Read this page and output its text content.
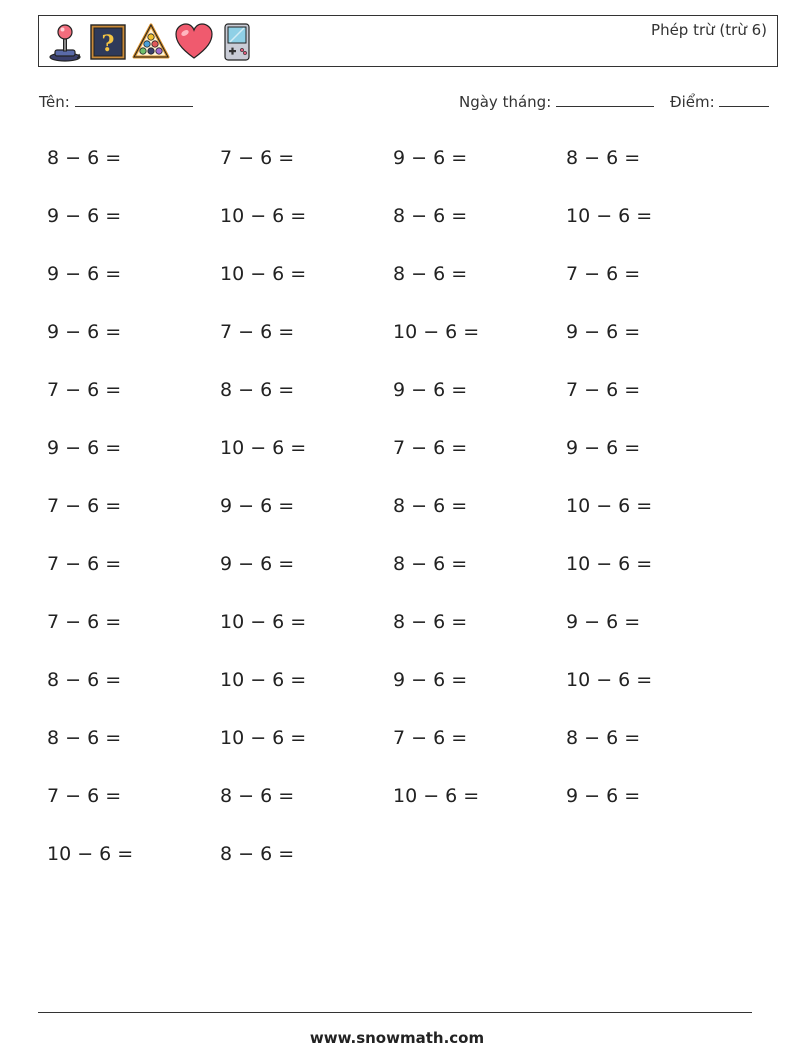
?
Phép trừ (trừ 6)
Tên:	Ngày tháng:	Điểm:
8 − 6 =	7 − 6 =	9 − 6 =	8 − 6 =
9 − 6 =	10 − 6 =	8 − 6 =	10 − 6 =
9 − 6 =	10 − 6 =	8 − 6 =	7 − 6 =
9 − 6 =	7 − 6 =	10 − 6 =	9 − 6 =
7 − 6 =	8 − 6 =	9 − 6 =	7 − 6 =
9 − 6 =	10 − 6 =	7 − 6 =	9 − 6 =
7 − 6 =	9 − 6 =	8 − 6 =	10 − 6 =
7 − 6 =	9 − 6 =	8 − 6 =	10 − 6 =
7 − 6 =	10 − 6 =	8 − 6 =	9 − 6 =
8 − 6 =	10 − 6 =	9 − 6 =	10 − 6 =
8 − 6 =	10 − 6 =	7 − 6 =	8 − 6 =
7 − 6 =	8 − 6 =	10 − 6 =	9 − 6 =
10 − 6 =	8 − 6 =
www.snowmath.com
